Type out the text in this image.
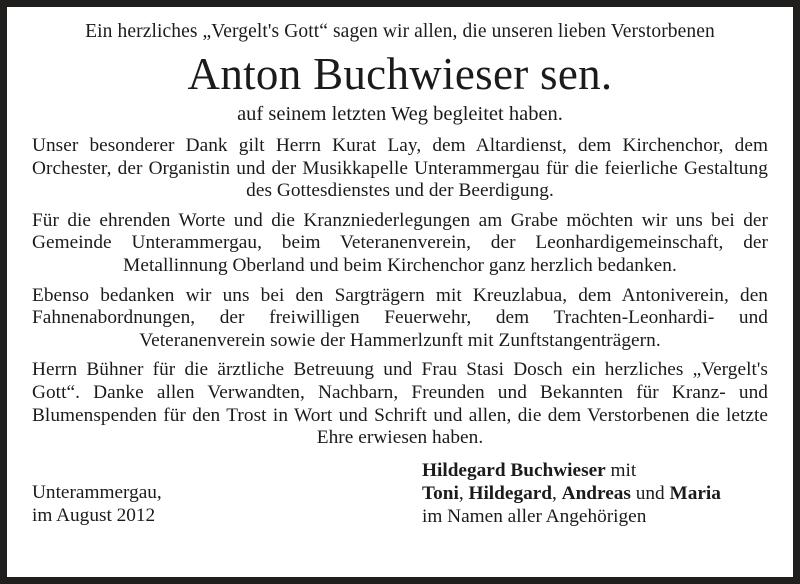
Ein herzliches „Vergelt's Gott“ sagen wir allen, die unseren lieben Verstorbenen

Anton Buchwieser sen.

auf seinem letzten Weg begleitet haben.

Unser besonderer Dank gilt Herrn Kurat Lay, dem Altardienst, dem Kirchenchor, dem Orchester, der Organistin und der Musikkapelle Unterammergau für die feierliche Gestaltung des Gottesdienstes und der Beerdigung.

Für die ehrenden Worte und die Kranzniederlegungen am Grabe möchten wir uns bei der Gemeinde Unterammergau, beim Veteranenverein, der Leonhardigemeinschaft, der Metallinnung Oberland und beim Kirchenchor ganz herzlich bedanken.

Ebenso bedanken wir uns bei den Sargträgern mit Kreuzlabua, dem Antoniverein, den Fahnenabordnungen, der freiwilligen Feuerwehr, dem Trachten-Leonhardi- und Veteranenverein sowie der Hammerlzunft mit Zunftstangenträgern.

Herrn Bühner für die ärztliche Betreuung und Frau Stasi Dosch ein herzliches „Vergelt's Gott“. Danke allen Verwandten, Nachbarn, Freunden und Bekannten für Kranz- und Blumenspenden für den Trost in Wort und Schrift und allen, die dem Verstorbenen die letzte Ehre erwiesen haben.

Unterammergau,
im August 2012
Hildegard Buchwieser mit
Toni, Hildegard, Andreas und Maria
im Namen aller Angehörigen
